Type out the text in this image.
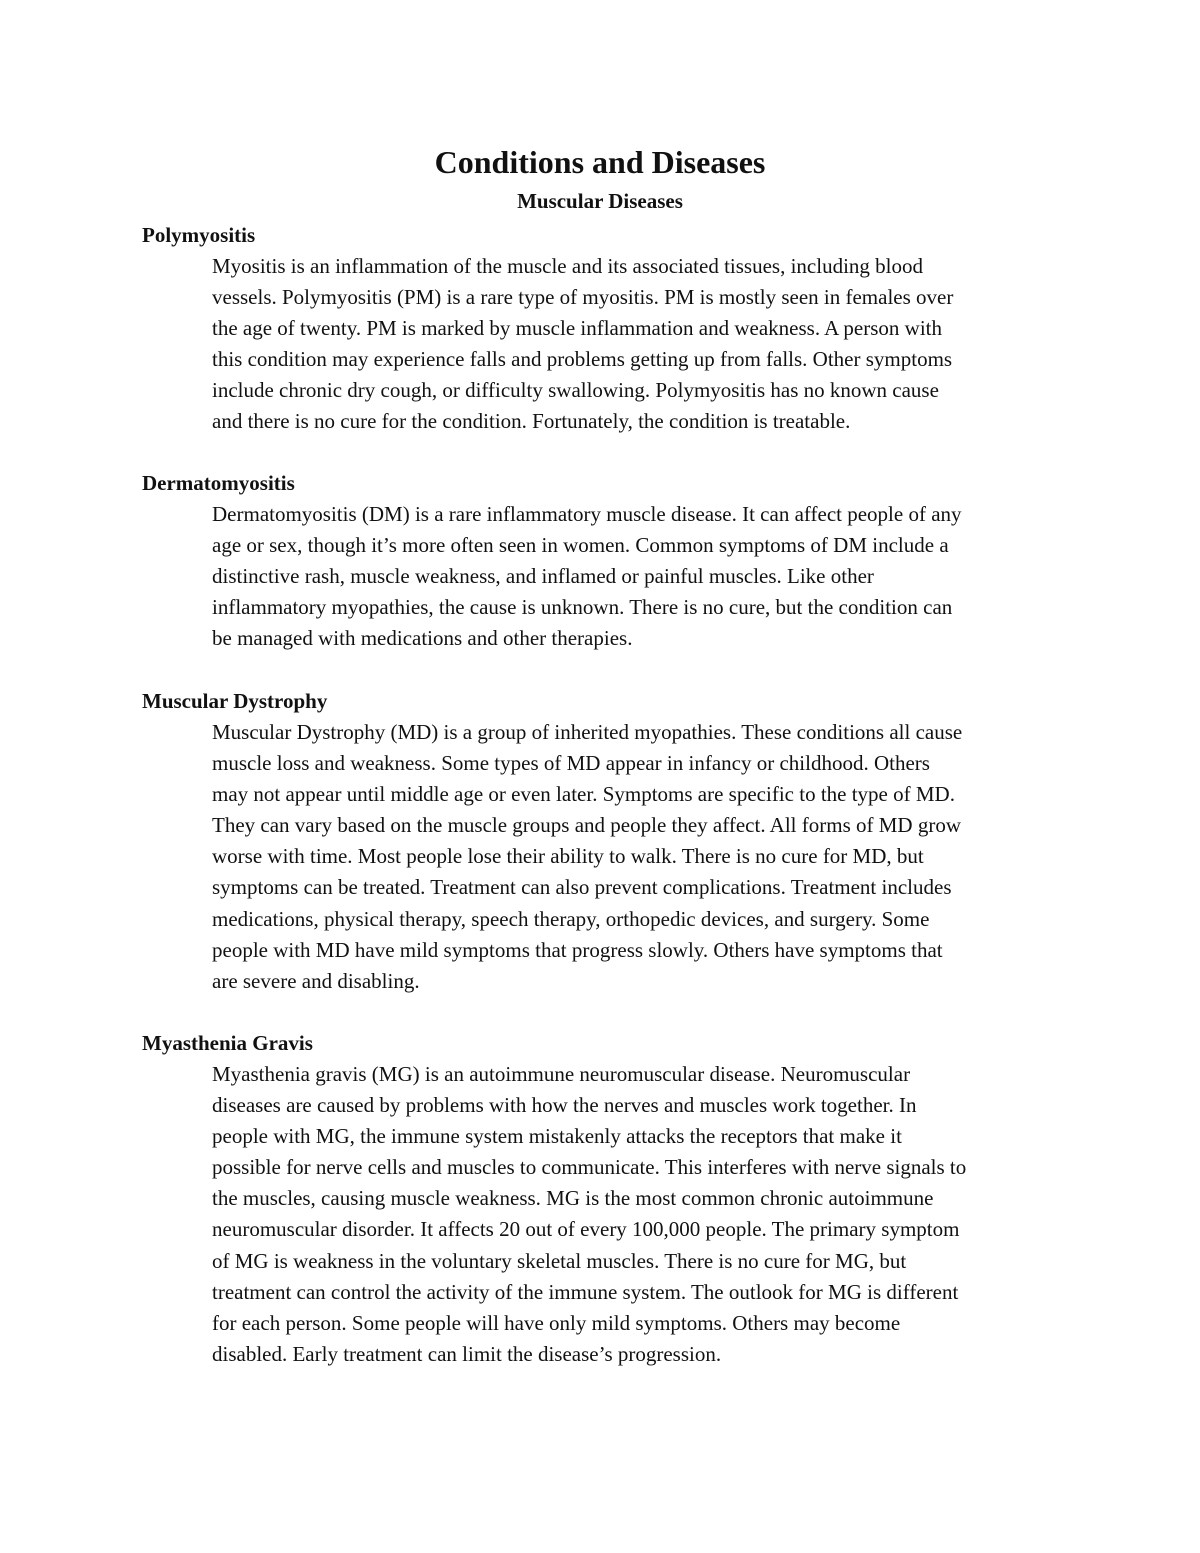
Conditions and Diseases
Muscular Diseases
Polymyositis
Myositis is an inflammation of the muscle and its associated tissues, including blood
vessels. Polymyositis (PM) is a rare type of myositis. PM is mostly seen in females over
the age of twenty. PM is marked by muscle inflammation and weakness. A person with
this condition may experience falls and problems getting up from falls. Other symptoms
include chronic dry cough, or difficulty swallowing. Polymyositis has no known cause
and there is no cure for the condition. Fortunately, the condition is treatable.
Dermatomyositis
Dermatomyositis (DM) is a rare inflammatory muscle disease. It can affect people of any
age or sex, though it’s more often seen in women. Common symptoms of DM include a
distinctive rash, muscle weakness, and inflamed or painful muscles. Like other
inflammatory myopathies, the cause is unknown. There is no cure, but the condition can
be managed with medications and other therapies.
Muscular Dystrophy
Muscular Dystrophy (MD) is a group of inherited myopathies. These conditions all cause
muscle loss and weakness. Some types of MD appear in infancy or childhood. Others
may not appear until middle age or even later. Symptoms are specific to the type of MD.
They can vary based on the muscle groups and people they affect. All forms of MD grow
worse with time. Most people lose their ability to walk. There is no cure for MD, but
symptoms can be treated. Treatment can also prevent complications. Treatment includes
medications, physical therapy, speech therapy, orthopedic devices, and surgery. Some
people with MD have mild symptoms that progress slowly. Others have symptoms that
are severe and disabling.
Myasthenia Gravis
Myasthenia gravis (MG) is an autoimmune neuromuscular disease. Neuromuscular
diseases are caused by problems with how the nerves and muscles work together. In
people with MG, the immune system mistakenly attacks the receptors that make it
possible for nerve cells and muscles to communicate. This interferes with nerve signals to
the muscles, causing muscle weakness. MG is the most common chronic autoimmune
neuromuscular disorder. It affects 20 out of every 100,000 people. The primary symptom
of MG is weakness in the voluntary skeletal muscles. There is no cure for MG, but
treatment can control the activity of the immune system. The outlook for MG is different
for each person. Some people will have only mild symptoms. Others may become
disabled. Early treatment can limit the disease’s progression.
